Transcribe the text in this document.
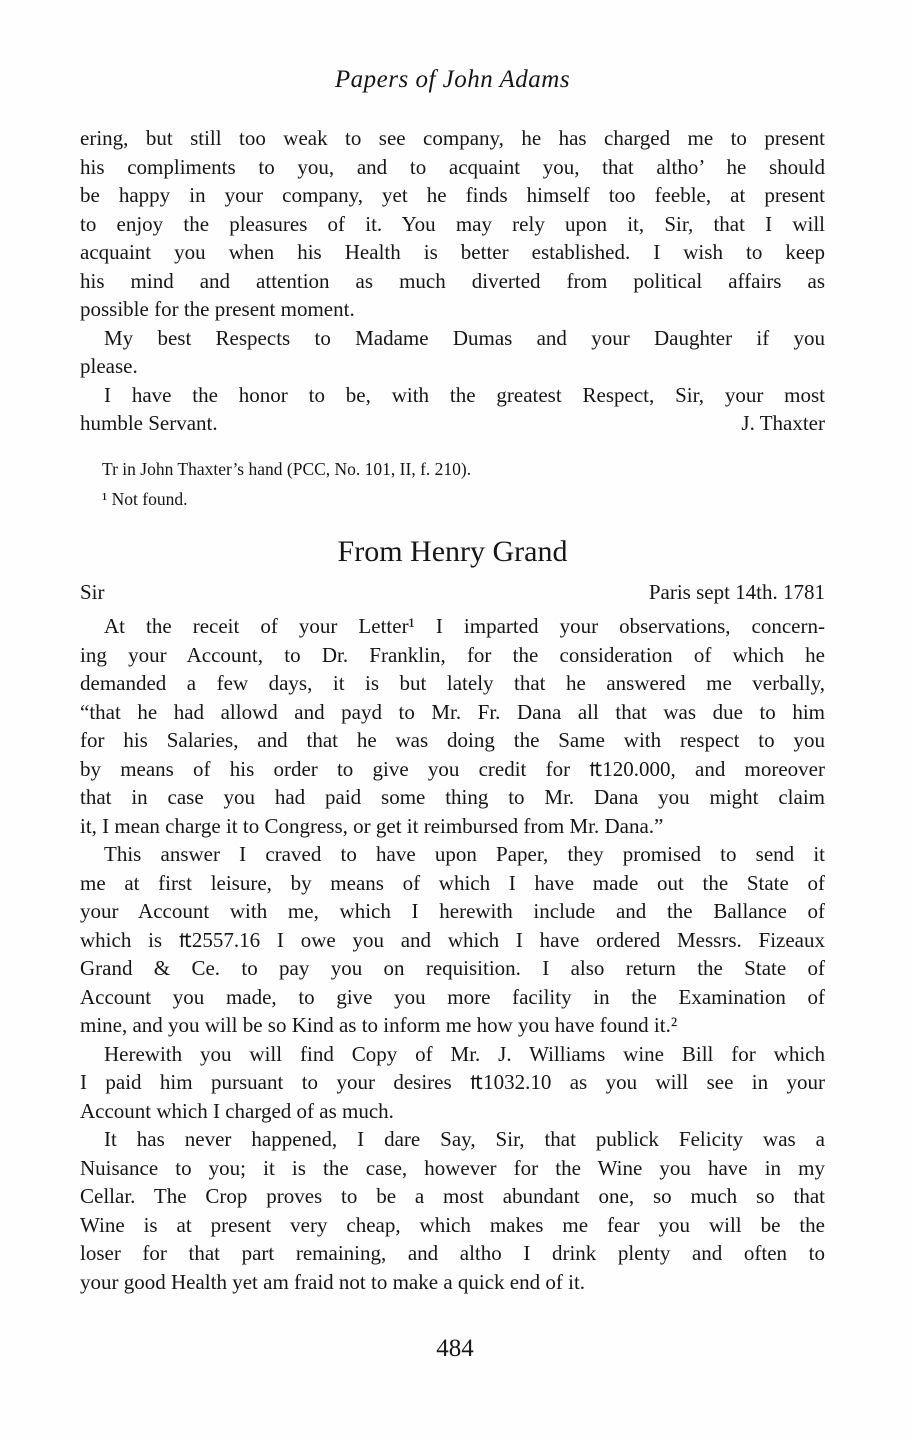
Papers of John Adams
ering, but still too weak to see company, he has charged me to present
his compliments to you, and to acquaint you, that altho’ he should
be happy in your company, yet he finds himself too feeble, at present
to enjoy the pleasures of it. You may rely upon it, Sir, that I will
acquaint you when his Health is better established. I wish to keep
his mind and attention as much diverted from political affairs as
possible for the present moment.
My best Respects to Madame Dumas and your Daughter if you
please.
I have the honor to be, with the greatest Respect, Sir, your most
humble Servant.	J. Thaxter
Tr in John Thaxter’s hand (PCC, No. 101, II, f. 210).
¹ Not found.
From Henry Grand
Sir	Paris sept 14th. 1781
At the receit of your Letter¹ I imparted your observations, concern-
ing your Account, to Dr. Franklin, for the consideration of which he
demanded a few days, it is but lately that he answered me verbally,
“that he had allowd and payd to Mr. Fr. Dana all that was due to him
for his Salaries, and that he was doing the Same with respect to you
by means of his order to give you credit for ₶120.000, and moreover
that in case you had paid some thing to Mr. Dana you might claim
it, I mean charge it to Congress, or get it reimbursed from Mr. Dana.”
This answer I craved to have upon Paper, they promised to send it
me at first leisure, by means of which I have made out the State of
your Account with me, which I herewith include and the Ballance of
which is ₶2557.16 I owe you and which I have ordered Messrs. Fizeaux
Grand & Ce. to pay you on requisition. I also return the State of
Account you made, to give you more facility in the Examination of
mine, and you will be so Kind as to inform me how you have found it.²
Herewith you will find Copy of Mr. J. Williams wine Bill for which
I paid him pursuant to your desires ₶1032.10 as you will see in your
Account which I charged of as much.
It has never happened, I dare Say, Sir, that publick Felicity was a
Nuisance to you; it is the case, however for the Wine you have in my
Cellar. The Crop proves to be a most abundant one, so much so that
Wine is at present very cheap, which makes me fear you will be the
loser for that part remaining, and altho I drink plenty and often to
your good Health yet am fraid not to make a quick end of it.
484
